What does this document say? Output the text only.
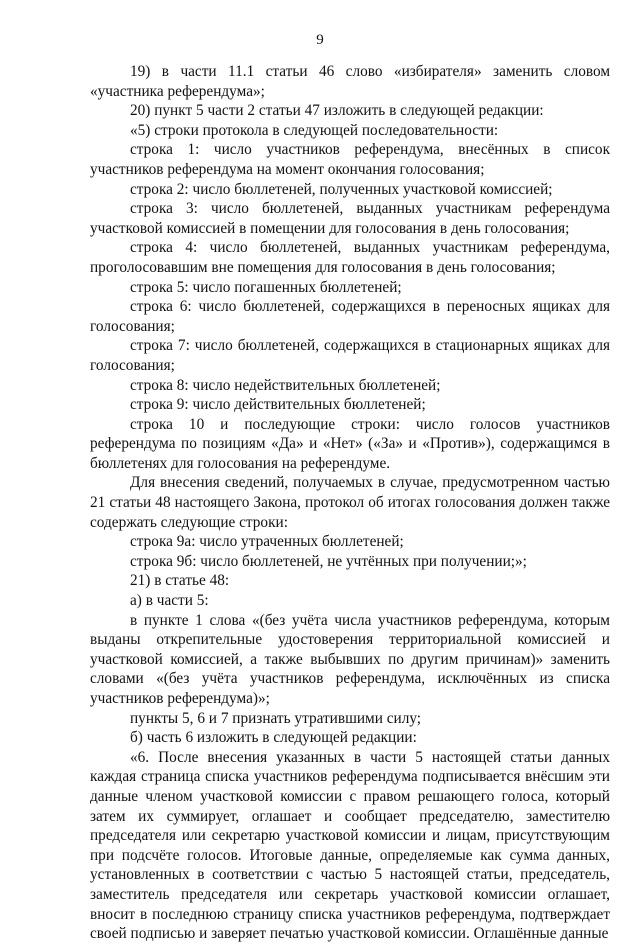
9

19) в части 11.1 статьи 46 слово «избирателя» заменить словом «участника референдума»;

20) пункт 5 части 2 статьи 47 изложить в следующей редакции:

«5) строки протокола в следующей последовательности:

строка 1: число участников референдума, внесённых в список участников референдума на момент окончания голосования;

строка 2: число бюллетеней, полученных участковой комиссией;

строка 3: число бюллетеней, выданных участникам референдума участковой комиссией в помещении для голосования в день голосования;

строка 4: число бюллетеней, выданных участникам референдума, проголосовавшим вне помещения для голосования в день голосования;

строка 5: число погашенных бюллетеней;

строка 6: число бюллетеней, содержащихся в переносных ящиках для голосования;

строка 7: число бюллетеней, содержащихся в стационарных ящиках для голосования;

строка 8: число недействительных бюллетеней;

строка 9: число действительных бюллетеней;

строка 10 и последующие строки: число голосов участников референдума по позициям «Да» и «Нет» («За» и «Против»), содержащимся в бюллетенях для голосования на референдуме.

Для внесения сведений, получаемых в случае, предусмотренном частью 21 статьи 48 настоящего Закона, протокол об итогах голосования должен также содержать следующие строки:

строка 9а: число утраченных бюллетеней;

строка 9б: число бюллетеней, не учтённых при получении;»;

21) в статье 48:

а) в части 5:

в пункте 1 слова «(без учёта числа участников референдума, которым выданы открепительные удостоверения территориальной комиссией и участковой комиссией, а также выбывших по другим причинам)» заменить словами «(без учёта участников референдума, исключённых из списка участников референдума)»;

пункты 5, 6 и 7 признать утратившими силу;

б) часть 6 изложить в следующей редакции:

«6. После внесения указанных в части 5 настоящей статьи данных каждая страница списка участников референдума подписывается внёсшим эти данные членом участковой комиссии с правом решающего голоса, который затем их суммирует, оглашает и сообщает председателю, заместителю председателя или секретарю участковой комиссии и лицам, присутствующим при подсчёте голосов. Итоговые данные, определяемые как сумма данных, установленных в соответствии с частью 5 настоящей статьи, председатель, заместитель председателя или секретарь участковой комиссии оглашает, вносит в последнюю страницу списка участников референдума, подтверждает своей подписью и заверяет печатью участковой комиссии. Оглашённые данные
